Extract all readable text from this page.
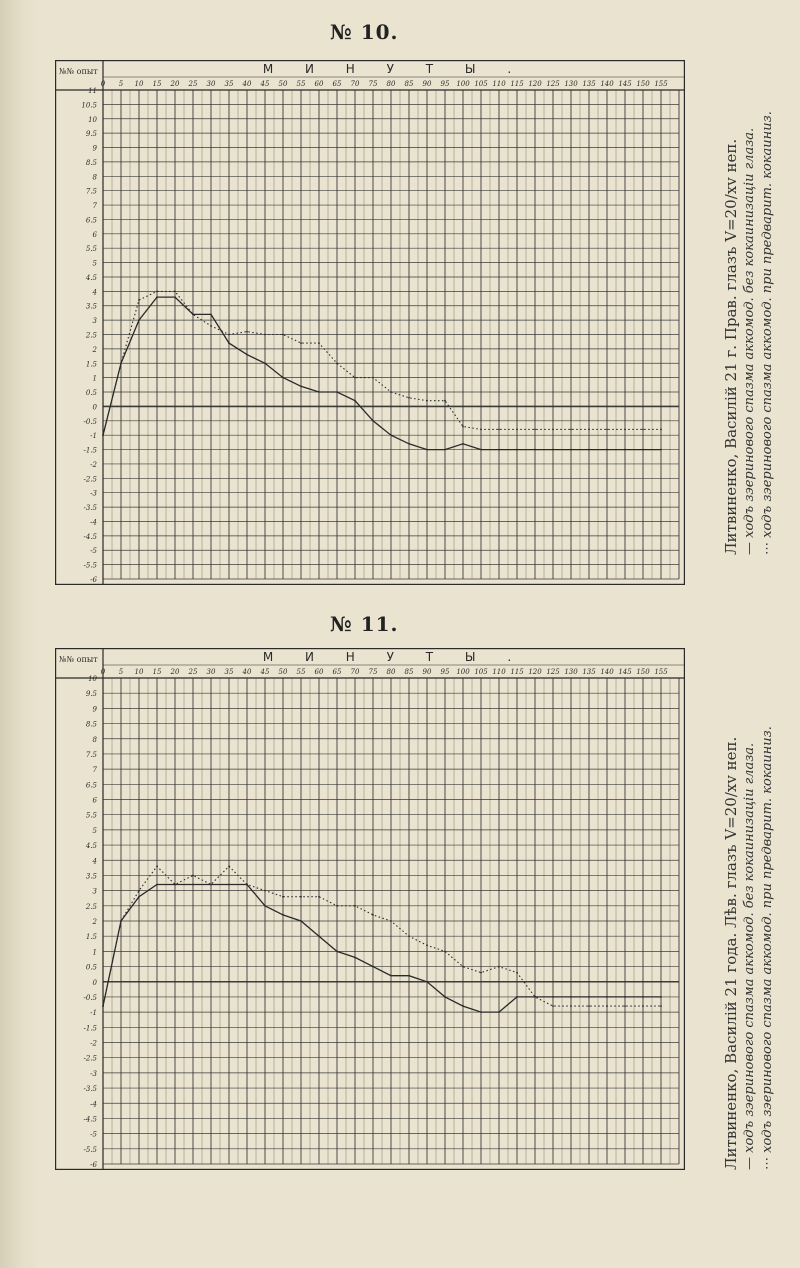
№ 10.
№№ опыт	М И Н У Т Ы .
0 5 10 15 20 25 30 35 40 45 50 55 60 65 70 75 80 85 90 95 100 105 110 115 120 125 130 135 140 145 150 155
11
10.5
10
9.5
9
8.5
8
7.5
7
6.5
6
5.5
5
4.5
4
3.5
3
2.5
2
1.5
1
0.5
0
-0.5
-1
-1.5
-2
-2.5
-3
-3.5
-4
-4.5
-5
-5.5
-6
№ 11.
№№ опыт	М И Н У Т Ы .
0 5 10 15 20 25 30 35 40 45 50 55 60 65 70 75 80 85 90 95 100 105 110 115 120 125 130 135 140 145 150 155
10
9.5
9
8.5
8
7.5
7
6.5
6
5.5
5
4.5
4
3.5
3
2.5
2
1.5
1
0.5
0
-0.5
-1
-1.5
-2
-2.5
-3
-3.5
-4
-4.5
-5
-5.5
-6
Литвиненко, Василій 21 г. Прав. глазъ V=20/xv неп. — ходъ зэеринового спазма аккомод. без кокаинизаціи глаза.
⋯ ходъ зэеринового спазма аккомод. при предварит. кокаиниз.
Литвиненко, Василій 21 года. Лѣв. глазъ V=20/xv неп. — ходъ зэеринового спазма аккомод. без кокаинизаціи глаза.
⋯ ходъ зэеринового спазма аккомод. при предварит. кокаиниз.
